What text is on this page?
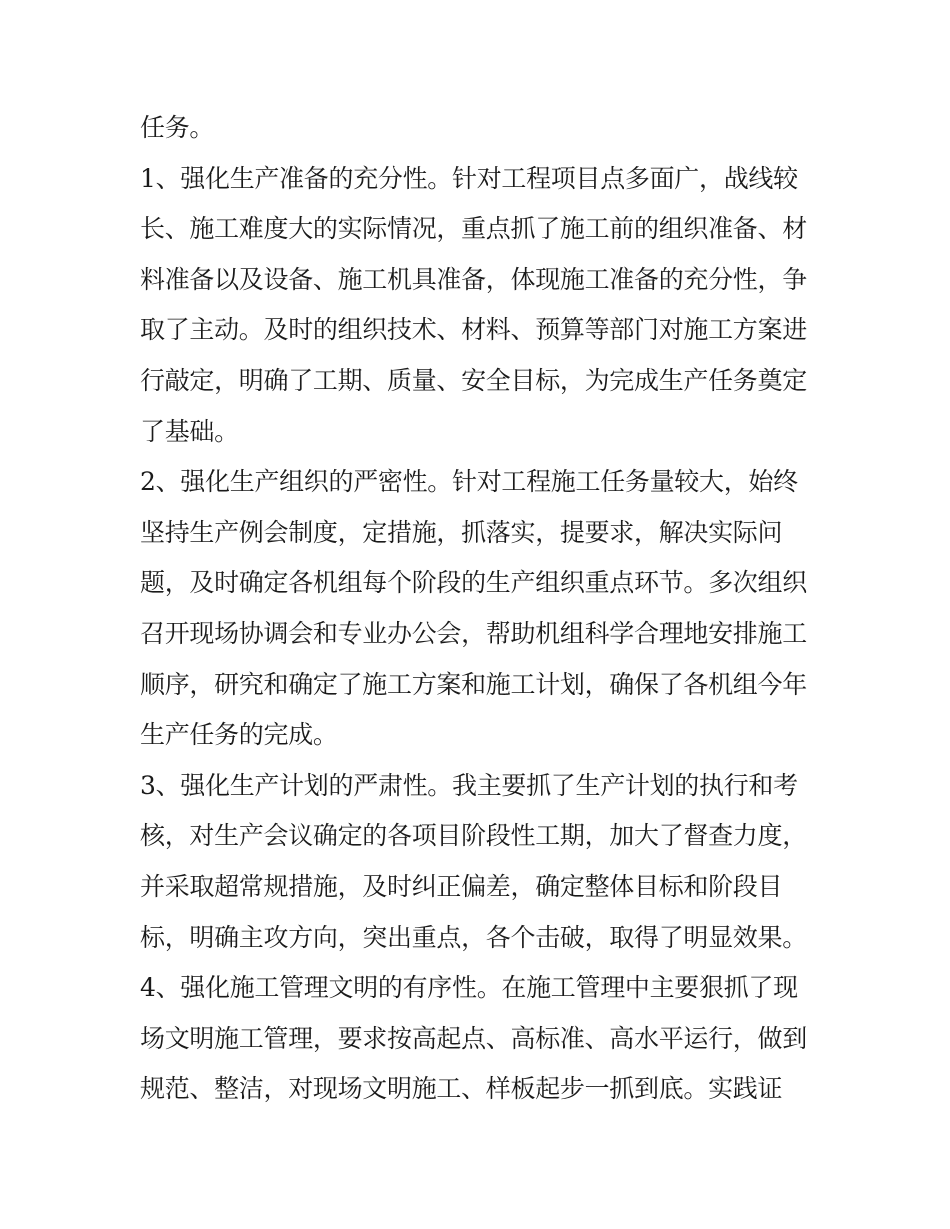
任务。
1、强化生产准备的充分性。针对工程项目点多面广，战线较
长、施工难度大的实际情况，重点抓了施工前的组织准备、材
料准备以及设备、施工机具准备，体现施工准备的充分性，争
取了主动。及时的组织技术、材料、预算等部门对施工方案进
行敲定，明确了工期、质量、安全目标，为完成生产任务奠定
了基础。
2、强化生产组织的严密性。针对工程施工任务量较大，始终
坚持生产例会制度，定措施，抓落实，提要求，解决实际问
题，及时确定各机组每个阶段的生产组织重点环节。多次组织
召开现场协调会和专业办公会，帮助机组科学合理地安排施工
顺序，研究和确定了施工方案和施工计划，确保了各机组今年
生产任务的完成。
3、强化生产计划的严肃性。我主要抓了生产计划的执行和考
核，对生产会议确定的各项目阶段性工期，加大了督查力度，
并采取超常规措施，及时纠正偏差，确定整体目标和阶段目
标，明确主攻方向，突出重点，各个击破，取得了明显效果。
4、强化施工管理文明的有序性。在施工管理中主要狠抓了现
场文明施工管理，要求按高起点、高标准、高水平运行，做到
规范、整洁，对现场文明施工、样板起步一抓到底。实践证
